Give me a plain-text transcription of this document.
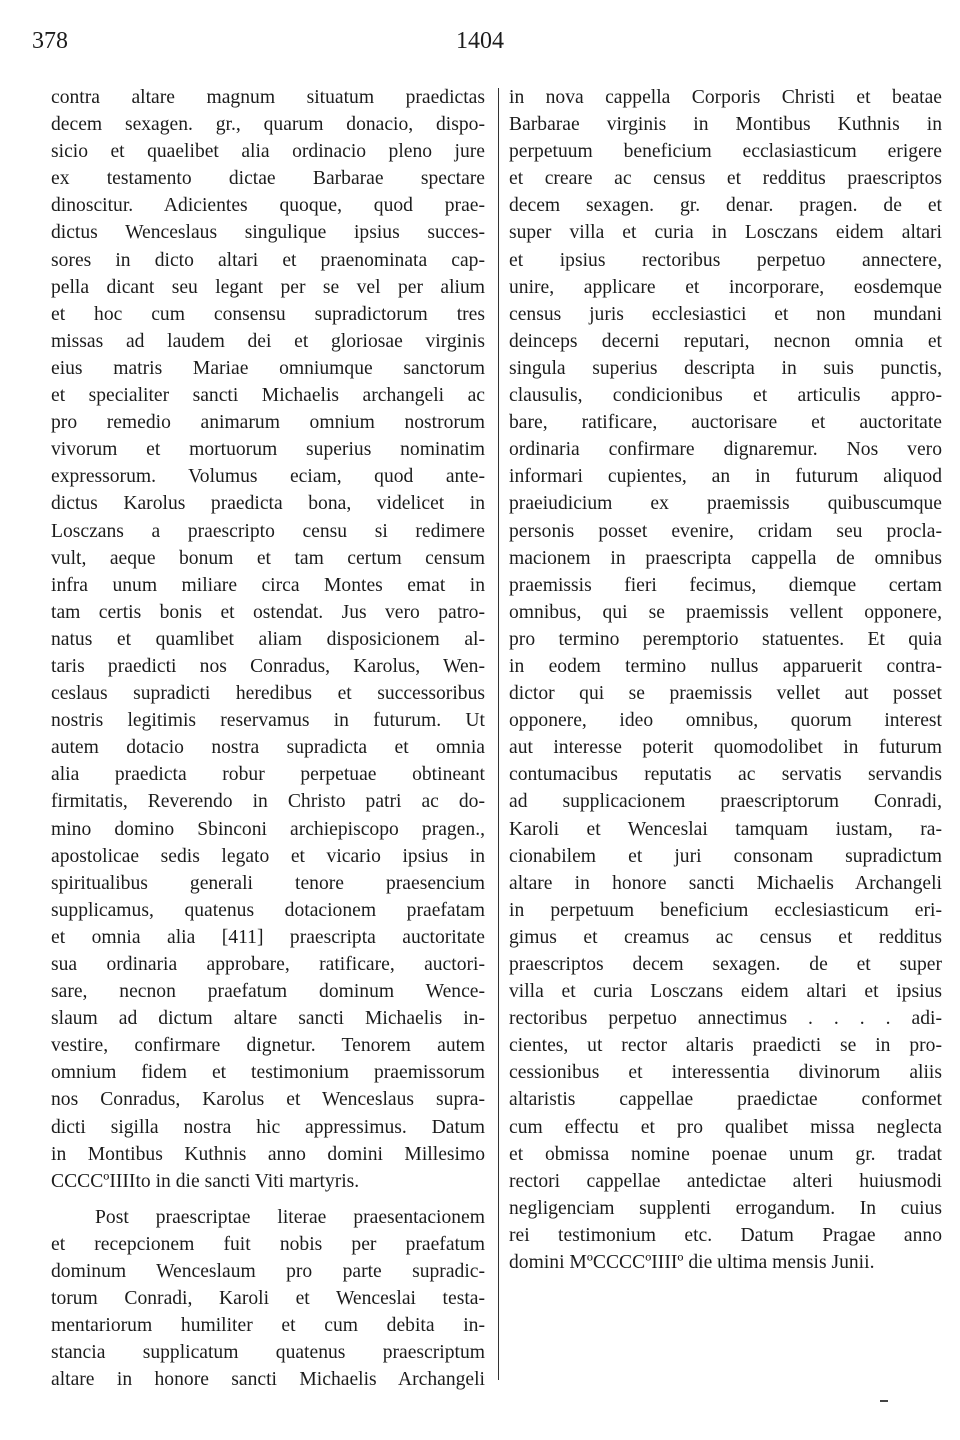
378	1404
contra altare magnum situatum praedictas
decem sexagen. gr., quarum donacio, dispo-
sicio et quaelibet alia ordinacio pleno jure
ex testamento dictae Barbarae spectare
dinoscitur. Adicientes quoque, quod prae-
dictus Wenceslaus singulique ipsius succes-
sores in dicto altari et praenominata cap-
pella dicant seu legant per se vel per alium
et hoc cum consensu supradictorum tres
missas ad laudem dei et gloriosae virginis
eius matris Mariae omniumque sanctorum
et specialiter sancti Michaelis archangeli ac
pro remedio animarum omnium nostrorum
vivorum et mortuorum superius nominatim
expressorum. Volumus eciam, quod ante-
dictus Karolus praedicta bona, videlicet in
Losczans a praescripto censu si redimere
vult, aeque bonum et tam certum censum
infra unum miliare circa Montes emat in
tam certis bonis et ostendat. Jus vero patro-
natus et quamlibet aliam disposicionem al-
taris praedicti nos Conradus, Karolus, Wen-
ceslaus supradicti heredibus et successoribus
nostris legitimis reservamus in futurum. Ut
autem dotacio nostra supradicta et omnia
alia praedicta robur perpetuae obtineant
firmitatis, Reverendo in Christo patri ac do-
mino domino Sbinconi archiepiscopo pragen.,
apostolicae sedis legato et vicario ipsius in
spiritualibus generali tenore praesencium
supplicamus, quatenus dotacionem praefatam
et omnia alia [411] praescripta auctoritate
sua ordinaria approbare, ratificare, auctori-
sare, necnon praefatum dominum Wence-
slaum ad dictum altare sancti Michaelis in-
vestire, confirmare dignetur. Tenorem autem
omnium fidem et testimonium praemissorum
nos Conradus, Karolus et Wenceslaus supra-
dicti sigilla nostra hic appressimus. Datum
in Montibus Kuthnis anno domini Millesimo
CCCCºIIIIto in die sancti Viti martyris.
Post praescriptae literae praesentacionem
et recepcionem fuit nobis per praefatum
dominum Wenceslaum pro parte supradic-
torum Conradi, Karoli et Wenceslai testa-
mentariorum humiliter et cum debita in-
stancia supplicatum quatenus praescriptum
altare in honore sancti Michaelis Archangeli
in nova cappella Corporis Christi et beatae
Barbarae virginis in Montibus Kuthnis in
perpetuum beneficium ecclasiasticum erigere
et creare ac census et redditus praescriptos
decem sexagen. gr. denar. pragen. de et
super villa et curia in Losczans eidem altari
et ipsius rectoribus perpetuo annectere,
unire, applicare et incorporare, eosdemque
census juris ecclesiastici et non mundani
deinceps decerni reputari, necnon omnia et
singula superius descripta in suis punctis,
clausulis, condicionibus et articulis appro-
bare, ratificare, auctorisare et auctoritate
ordinaria confirmare dignaremur. Nos vero
informari cupientes, an in futurum aliquod
praeiudicium ex praemissis quibuscumque
personis posset evenire, cridam seu procla-
macionem in praescripta cappella de omnibus
praemissis fieri fecimus, diemque certam
omnibus, qui se praemissis vellent opponere,
pro termino peremptorio statuentes. Et quia
in eodem termino nullus apparuerit contra-
dictor qui se praemissis vellet aut posset
opponere, ideo omnibus, quorum interest
aut interesse poterit quomodolibet in futurum
contumacibus reputatis ac servatis servandis
ad supplicacionem praescriptorum Conradi,
Karoli et Wenceslai tamquam iustam, ra-
cionabilem et juri consonam supradictum
altare in honore sancti Michaelis Archangeli
in perpetuum beneficium ecclesiasticum eri-
gimus et creamus ac census et redditus
praescriptos decem sexagen. de et super
villa et curia Losczans eidem altari et ipsius
rectoribus perpetuo annectimus . . . . adi-
cientes, ut rector altaris praedicti se in pro-
cessionibus et interessentia divinorum aliis
altaristis cappellae praedictae conformet
cum effectu et pro qualibet missa neglecta
et obmissa nomine poenae unum gr. tradat
rectori cappellae antedictae alteri huiusmodi
negligenciam supplenti errogandum. In cuius
rei testimonium etc. Datum Pragae anno
domini MºCCCCºIIIIº die ultima mensis Junii.
